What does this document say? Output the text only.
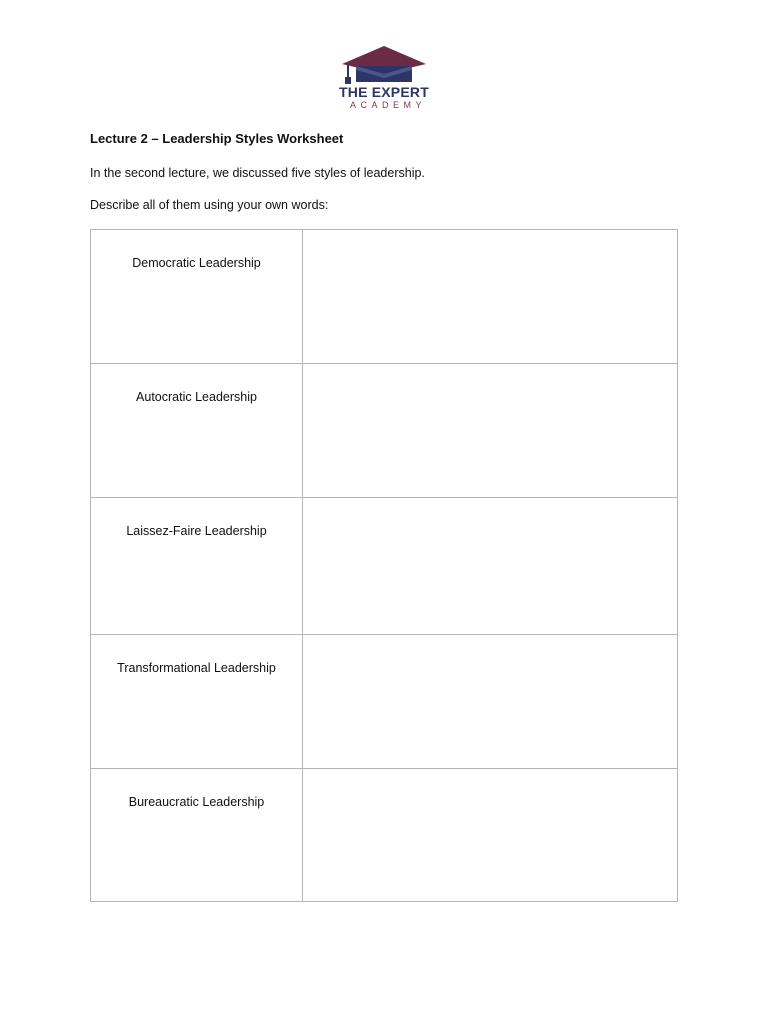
THE EXPERT
ACADEMY
Lecture 2 – Leadership Styles Worksheet
In the second lecture, we discussed five styles of leadership.
Describe all of them using your own words:
Democratic Leadership	

Autocratic Leadership	

Laissez-Faire Leadership	

Transformational Leadership	

Bureaucratic Leadership	
